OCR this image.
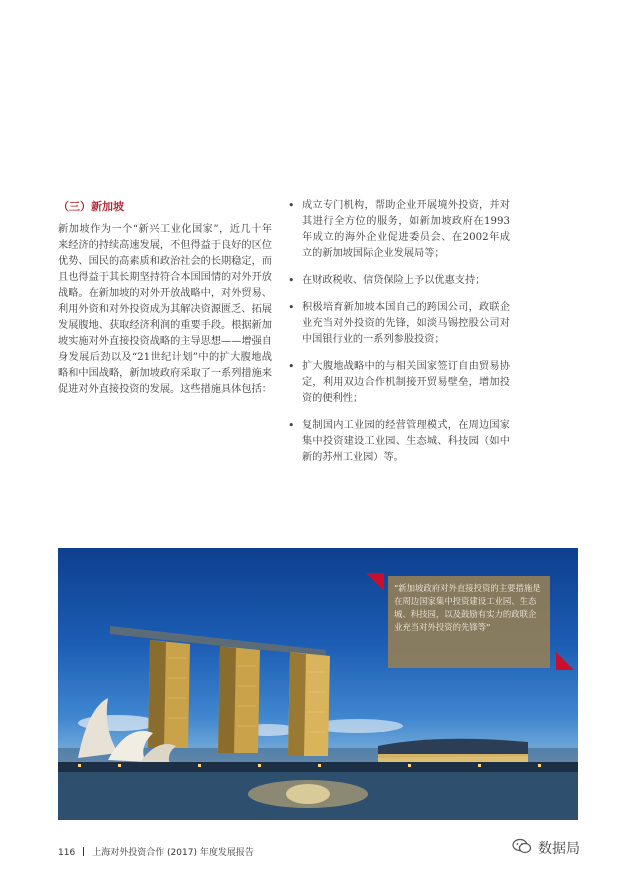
（三）新加坡
新加坡作为一个“新兴工业化国家”，近几十年来经济的持续高速发展，不但得益于良好的区位优势、国民的高素质和政治社会的长期稳定，而且也得益于其长期坚持符合本国国情的对外开放战略。在新加坡的对外开放战略中，对外贸易、利用外资和对外投资成为其解决资源匮乏、拓展发展腹地、获取经济利润的重要手段。根据新加坡实施对外直接投资战略的主导思想——增强自身发展后劲以及“21世纪计划”中的扩大腹地战略和中国战略，新加坡政府采取了一系列措施来促进对外直接投资的发展。这些措施具体包括：
• 成立专门机构，帮助企业开展境外投资，并对其进行全方位的服务，如新加坡政府在1993年成立的海外企业促进委员会、在2002年成立的新加坡国际企业发展局等；
• 在财政税收、信贷保险上予以优惠支持；
• 积极培育新加坡本国自己的跨国公司，政联企业充当对外投资的先锋，如淡马锡控股公司对中国银行业的一系列参股投资；
• 扩大腹地战略中的与相关国家签订自由贸易协定，利用双边合作机制接开贸易壁垒，增加投资的便利性；
• 复制国内工业园的经营管理模式，在周边国家集中投资建设工业园、生态城、科技园（如中新的苏州工业园）等。
“新加坡政府对外直接投资的主要措施是在周边国家集中投资建设工业园、生态城、科技园，以及鼓励有实力的政联企业充当对外投资的先锋等”
116 上海对外投资合作 (2017) 年度发展报告	数据局
